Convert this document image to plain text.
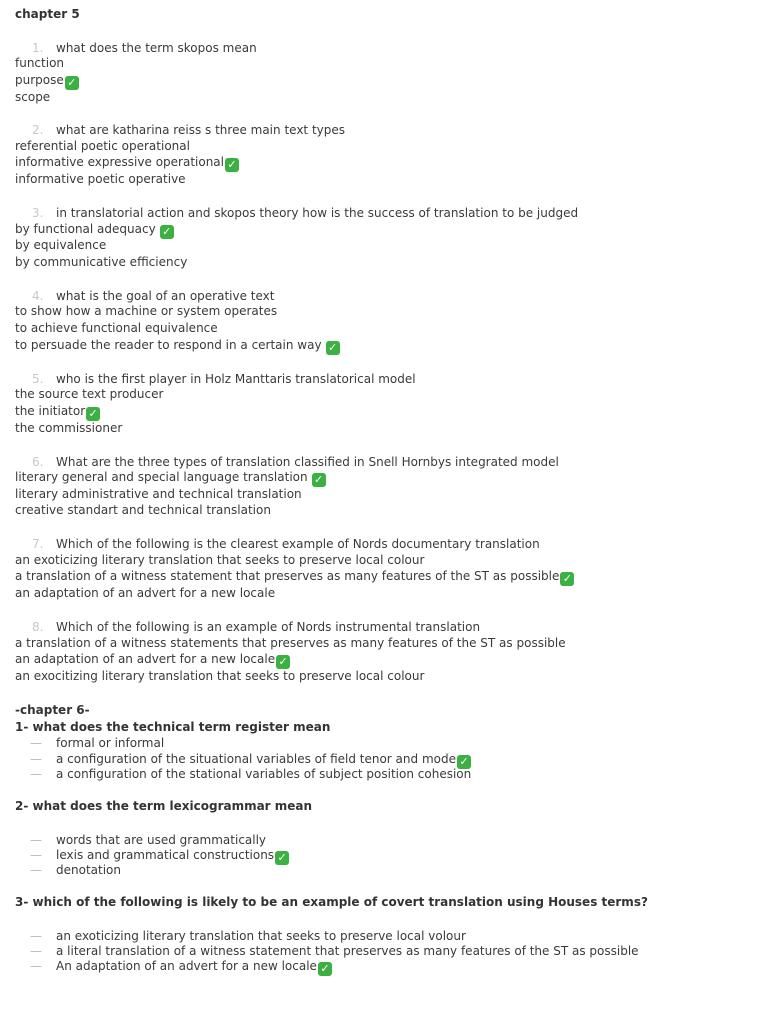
chapter 5
1. what does the term skopos mean
function
purpose ✓
scope
2. what are katharina reiss s three main text types
referential poetic operational
informative expressive operational ✓
informative poetic operative
3. in translatorial action and skopos theory how is the success of translation to be judged
by functional adequacy ✓
by equivalence
by communicative efficiency
4. what is the goal of an operative text
to show how a machine or system operates
to achieve functional equivalence
to persuade the reader to respond in a certain way ✓
5. who is the first player in Holz Manttaris translatorical model
the source text producer
the initiator ✓
the commissioner
6. What are the three types of translation classified in Snell Hornbys integrated model
literary general and special language translation ✓
literary administrative and technical translation
creative standart and technical translation
7. Which of the following is the clearest example of Nords documentary translation
an exoticizing literary translation that seeks to preserve local colour
a translation of a witness statement that preserves as many features of the ST as possible ✓
an adaptation of an advert for a new locale
8. Which of the following is an example of Nords instrumental translation
a translation of a witness statements that preserves as many features of the ST as possible
an adaptation of an advert for a new locale ✓
an exocitizing literary translation that seeks to preserve local colour
-chapter 6-
1- what does the technical term register mean
— formal or informal
— a configuration of the situational variables of field tenor and mode ✓
— a configuration of the stational variables of subject position cohesion
2- what does the term lexicogrammar mean
— words that are used grammatically
— lexis and grammatical constructions ✓
— denotation
3- which of the following is likely to be an example of covert translation using Houses terms?
— an exoticizing literary translation that seeks to preserve local volour
— a literal translation of a witness statement that preserves as many features of the ST as possible
— An adaptation of an advert for a new locale ✓
